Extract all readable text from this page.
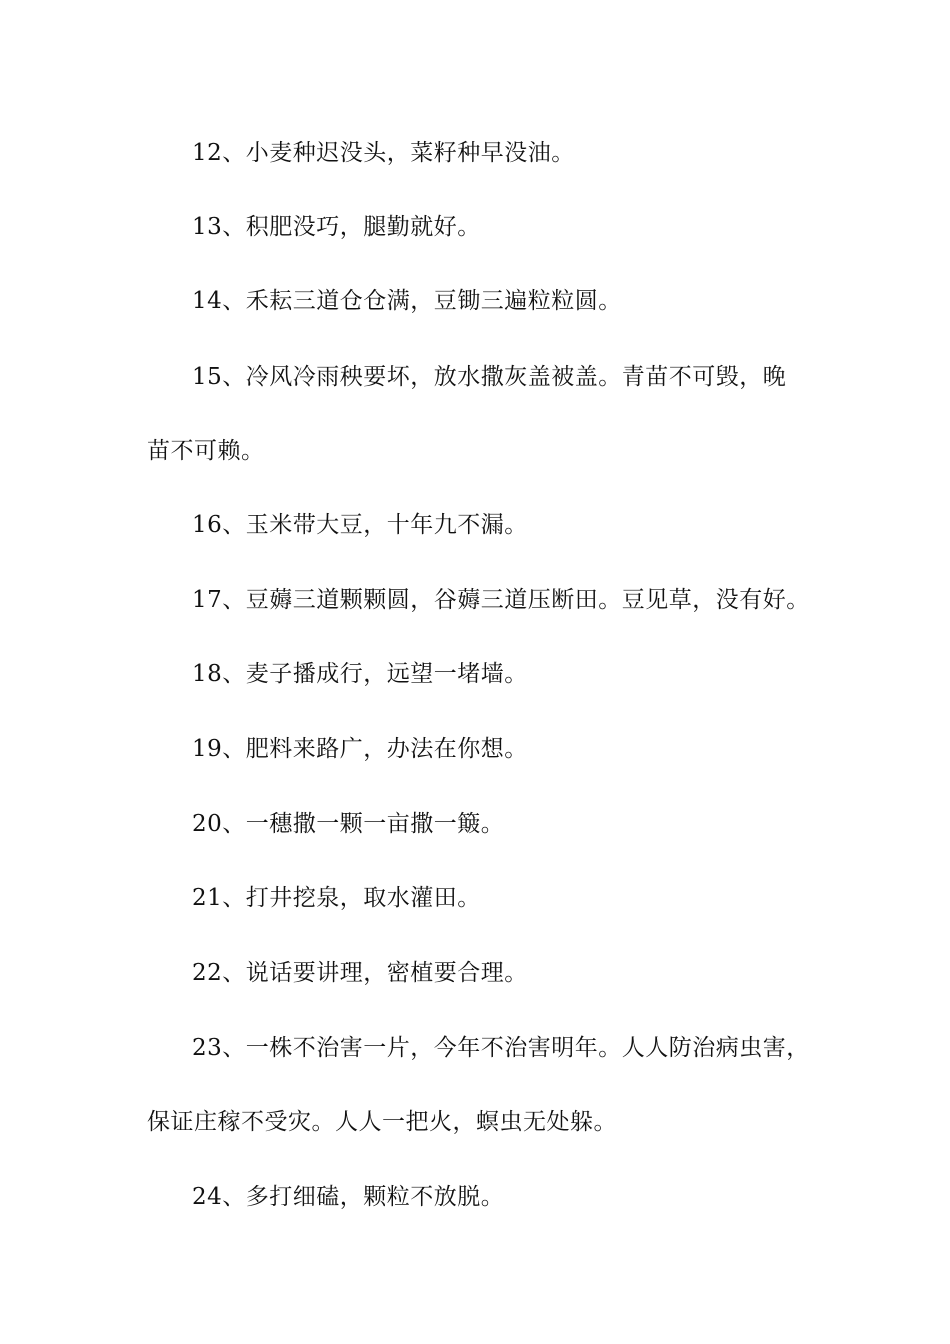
12、小麦种迟没头，菜籽种早没油。
13、积肥没巧，腿勤就好。
14、禾耘三道仓仓满，豆锄三遍粒粒圆。
15、冷风冷雨秧要坏，放水撒灰盖被盖。青苗不可毁，晚
苗不可赖。
16、玉米带大豆，十年九不漏。
17、豆薅三道颗颗圆，谷薅三道压断田。豆见草，没有好。
18、麦子播成行，远望一堵墙。
19、肥料来路广，办法在你想。
20、一穗撒一颗一亩撒一簸。
21、打井挖泉，取水灌田。
22、说话要讲理，密植要合理。
23、一株不治害一片，今年不治害明年。人人防治病虫害，
保证庄稼不受灾。人人一把火，螟虫无处躲。
24、多打细磕，颗粒不放脱。
